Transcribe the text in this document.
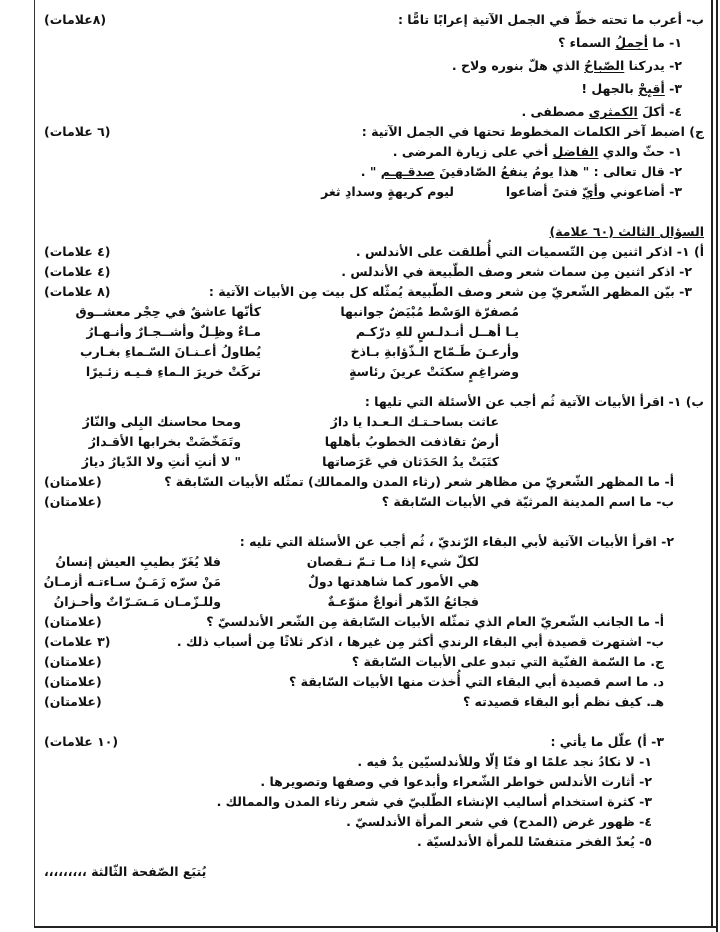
ب- أعرب ما تحته خطّ في الجمل الآتية إعرابًا تامًّا :
(٨علامات)
١- ما أجملُ السماء ؟
٢- يدركنا الصّباحُ الذي هلّ بنوره ولاح .
٣- أقبِحْ بالجهل !
٤- أكلَ الكمثرى مصطفى .
ج) اضبط آخر الكلمات المخطوط تحتها في الجمل الآتية :
(٦ علامات)
١- حثّ والدي الفاضل أخي على زيارة المرضى .
٢- قال تعالى : " هذا يومُ ينفعُ الصّادقينَ صدقـهـم " .
٣- أضاعوني وأيّ فتىً أضاعوا
ليوم كريهةٍ وسدادِ ثغر
السؤال الثالث (٦٠ علامة)
أ) ١- اذكر اثنين مِن التّسميات التي أُطلقت على الأندلس .
(٤ علامات)
٢- اذكر اثنين مِن سمات شعر وصف الطّبيعة في الأندلس .
(٤ علامات)
٣- بيّن المظهر الشّعريّ مِن شعر وصف الطّبيعة يُمثّله كل بيت مِن الأبيات الآتية :
(٨ علامات)
مُصفرّة الوَسْط مُبْيَضٌ جوانبها
كأنّها عاشقٌ في حِجْر معشــوق
يـا أهــل أنـدلـسٍ للهِ درّكـم
مـاءٌ وظِـلٌ وأشــجـارٌ وأنـهـارُ
وأرعـنَ طَـمّاح الـذّؤابةِ بـاذخ
يُطاولُ أعـنـانَ السّـماءِ بغـارب
وضراغِمٍ سكنَتْ عرينَ رئاسةٍ
تركَتْ خريرَ الـماءِ فـيـه زئـيرًا
ب) ١- اقرأ الأبيات الآتية ثُم أجب عن الأسئلة التي تليها :
عاثت بساحـتـك الـعـدا يا دارُ
ومحا محاسنك البِلى والنّارُ
أرضٌ تقاذفت الخطوبُ بأهلها
وتَمَخّضَتْ بخرابها الأقـدارُ
كتَبَتْ يدُ الحَدَثان في عَرَصاتها
" لا أنتِ أنتِ ولا الدّيارُ ديارُ
أ- ما المظهر الشّعريّ من مظاهر شعر (رثاء المدن والممالك) تمثّله الأبيات السّابقة ؟
(علامتان)
ب- ما اسم المدينة المرثيّة في الأبيات السّابقة ؟
(علامتان)
٢- اقرأ الأبيات الآتية لأبي البقاء الرّنديّ ، ثُم أجب عن الأسئلة التي تليه :
لكلّ شيء إذا مـا تـمّ نـقصان
فلا يُغَرّ بطيبِ العيش إنسانُ
هي الأمور كما شاهدتها دولٌ
مَنْ سرّه زَمَـنٌ سـاءتـه أزمـانُ
فجائعُ الدّهر أنواعٌ منوّعـةٌ
وللـزّمـان مَـسَـرّاتٌ وأحـزانُ
أ- ما الجانب الشّعريّ العام الذي تمثّله الأبيات السّابقة مِن الشّعر الأندلسيّ ؟
(علامتان)
ب- اشتهرت قصيدة أبي البقاء الرندي أكثر مِن غيرها ، اذكر ثلاثًا مِن أسباب ذلك .
(٣ علامات)
ج. ما السّمة الفنّية التي تبدو على الأبيات السّابقة ؟
(علامتان)
د. ما اسم قصيدة أبي البقاء التي أُخذت منها الأبيات السّابقة ؟
(علامتان)
هـ. كيف نظم أبو البقاء قصيدته ؟
(علامتان)
٣- أ) علّل ما يأتي :
(١٠ علامات)
١- لا نكادُ نجد علمًا او فنًا إلّا وللأندلسيّين يدٌ فيه .
٢- أثارت الأندلس خواطر الشّعراء وأبدعوا في وصفها وتصويرها .
٣- كثرة استخدام أساليب الإنشاء الطّلبيّ في شعر رثاء المدن والممالك .
٤- ظهور غرض (المدح) في شعر المرأة الأندلسيّ .
٥- يُعدّ الفخر متنفسًا للمرأة الأندلسيّة .
يُتبَع الصّفحة الثّالثة ،،،،،،،،،
